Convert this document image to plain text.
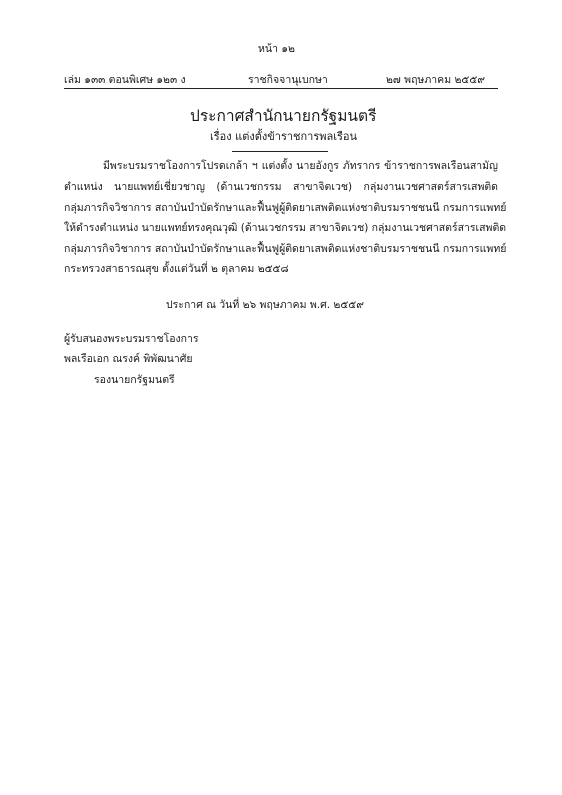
หน้า ๑๒
เล่ม ๑๓๓ ตอนพิเศษ ๑๒๓ ง	ราชกิจจานุเบกษา	๒๗ พฤษภาคม ๒๕๕๙
ประกาศสำนักนายกรัฐมนตรี
เรื่อง แต่งตั้งข้าราชการพลเรือน
มีพระบรมราชโองการโปรดเกล้า ฯ แต่งตั้ง นายอังกูร ภัทรากร ข้าราชการพลเรือนสามัญ
ตำแหน่ง นายแพทย์เชี่ยวชาญ (ด้านเวชกรรม สาขาจิตเวช) กลุ่มงานเวชศาสตร์สารเสพติด
กลุ่มภารกิจวิชาการ สถาบันบำบัดรักษาและฟื้นฟูผู้ติดยาเสพติดแห่งชาติบรมราชชนนี กรมการแพทย์
ให้ดำรงตำแหน่ง นายแพทย์ทรงคุณวุฒิ (ด้านเวชกรรม สาขาจิตเวช) กลุ่มงานเวชศาสตร์สารเสพติด
กลุ่มภารกิจวิชาการ สถาบันบำบัดรักษาและฟื้นฟูผู้ติดยาเสพติดแห่งชาติบรมราชชนนี กรมการแพทย์
กระทรวงสาธารณสุข ตั้งแต่วันที่ ๒ ตุลาคม ๒๕๕๘
ประกาศ ณ วันที่ ๒๖ พฤษภาคม พ.ศ. ๒๕๕๙
ผู้รับสนองพระบรมราชโองการ
พลเรือเอก ณรงค์ พิพัฒนาศัย
รองนายกรัฐมนตรี
